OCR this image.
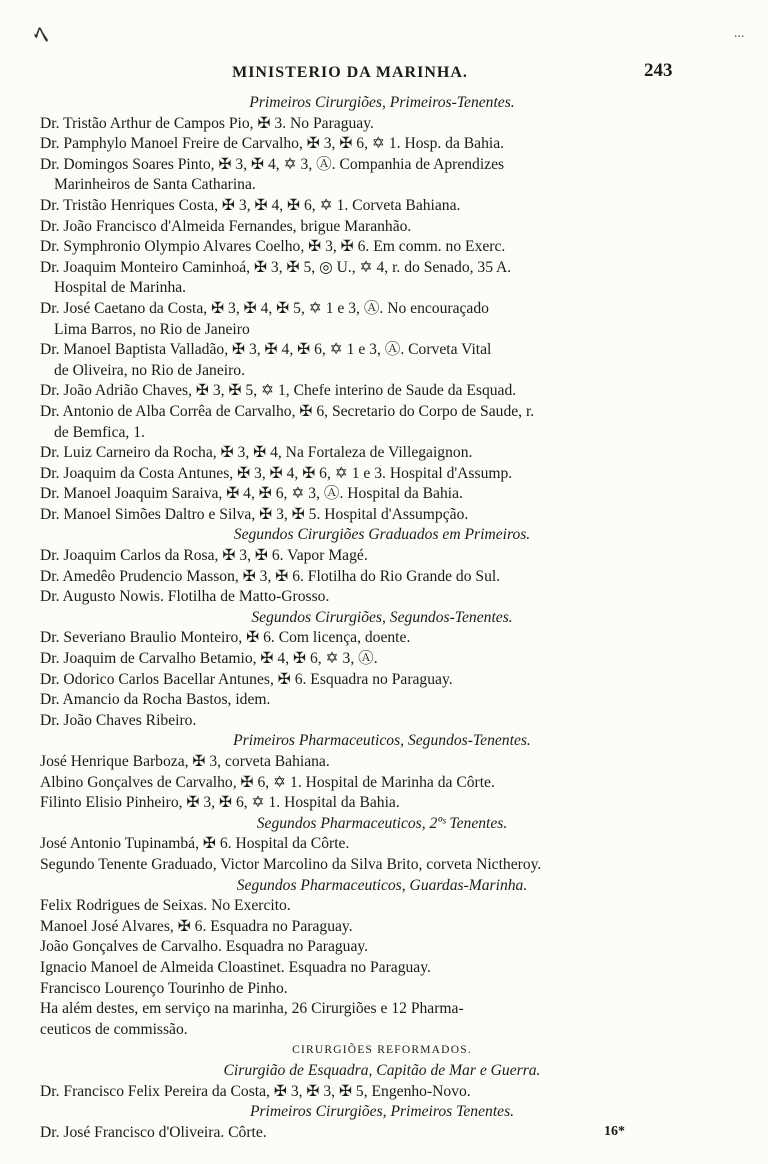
ﾍ	...
MINISTERIO DA MARINHA.	243
Primeiros Cirurgiões, Primeiros-Tenentes.
Dr. Tristão Arthur de Campos Pio, ✠ 3. No Paraguay.
Dr. Pamphylo Manoel Freire de Carvalho, ✠ 3, ✠ 6, ✡ 1. Hosp. da Bahia.
Dr. Domingos Soares Pinto, ✠ 3, ✠ 4, ✡ 3, Ⓐ. Companhia de Aprendizes
Marinheiros de Santa Catharina.
Dr. Tristão Henriques Costa, ✠ 3, ✠ 4, ✠ 6, ✡ 1. Corveta Bahiana.
Dr. João Francisco d'Almeida Fernandes, brigue Maranhão.
Dr. Symphronio Olympio Alvares Coelho, ✠ 3, ✠ 6. Em comm. no Exerc.
Dr. Joaquim Monteiro Caminhoá, ✠ 3, ✠ 5, ◎ U., ✡ 4, r. do Senado, 35 A.
Hospital de Marinha.
Dr. José Caetano da Costa, ✠ 3, ✠ 4, ✠ 5, ✡ 1 e 3, Ⓐ. No encouraçado
Lima Barros, no Rio de Janeiro
Dr. Manoel Baptista Valladão, ✠ 3, ✠ 4, ✠ 6, ✡ 1 e 3, Ⓐ. Corveta Vital
de Oliveira, no Rio de Janeiro.
Dr. João Adrião Chaves, ✠ 3, ✠ 5, ✡ 1, Chefe interino de Saude da Esquad.
Dr. Antonio de Alba Corrêa de Carvalho, ✠ 6, Secretario do Corpo de Saude, r.
de Bemfica, 1.
Dr. Luiz Carneiro da Rocha, ✠ 3, ✠ 4, Na Fortaleza de Villegaignon.
Dr. Joaquim da Costa Antunes, ✠ 3, ✠ 4, ✠ 6, ✡ 1 e 3. Hospital d'Assump.
Dr. Manoel Joaquim Saraiva, ✠ 4, ✠ 6, ✡ 3, Ⓐ. Hospital da Bahia.
Dr. Manoel Simões Daltro e Silva, ✠ 3, ✠ 5. Hospital d'Assumpção.
Segundos Cirurgiões Graduados em Primeiros.
Dr. Joaquim Carlos da Rosa, ✠ 3, ✠ 6. Vapor Magé.
Dr. Amedêo Prudencio Masson, ✠ 3, ✠ 6. Flotilha do Rio Grande do Sul.
Dr. Augusto Nowis. Flotilha de Matto-Grosso.
Segundos Cirurgiões, Segundos-Tenentes.
Dr. Severiano Braulio Monteiro, ✠ 6. Com licença, doente.
Dr. Joaquim de Carvalho Betamio, ✠ 4, ✠ 6, ✡ 3, Ⓐ.
Dr. Odorico Carlos Bacellar Antunes, ✠ 6. Esquadra no Paraguay.
Dr. Amancio da Rocha Bastos, idem.
Dr. João Chaves Ribeiro.
Primeiros Pharmaceuticos, Segundos-Tenentes.
José Henrique Barboza, ✠ 3, corveta Bahiana.
Albino Gonçalves de Carvalho, ✠ 6, ✡ 1. Hospital de Marinha da Côrte.
Filinto Elisio Pinheiro, ✠ 3, ✠ 6, ✡ 1. Hospital da Bahia.
Segundos Pharmaceuticos, 2ºˢ Tenentes.
José Antonio Tupinambá, ✠ 6. Hospital da Côrte.
Segundo Tenente Graduado, Victor Marcolino da Silva Brito, corveta Nictheroy.
Segundos Pharmaceuticos, Guardas-Marinha.
Felix Rodrigues de Seixas. No Exercito.
Manoel José Alvares, ✠ 6. Esquadra no Paraguay.
João Gonçalves de Carvalho. Esquadra no Paraguay.
Ignacio Manoel de Almeida Cloastinet. Esquadra no Paraguay.
Francisco Lourenço Tourinho de Pinho.
Ha além destes, em serviço na marinha, 26 Cirurgiões e 12 Pharma-
ceuticos de commissão.
CIRURGIÕES REFORMADOS.
Cirurgião de Esquadra, Capitão de Mar e Guerra.
Dr. Francisco Felix Pereira da Costa, ✠ 3, ✠ 3, ✠ 5, Engenho-Novo.
Primeiros Cirurgiões, Primeiros Tenentes.
Dr. José Francisco d'Oliveira. Côrte.	16*
